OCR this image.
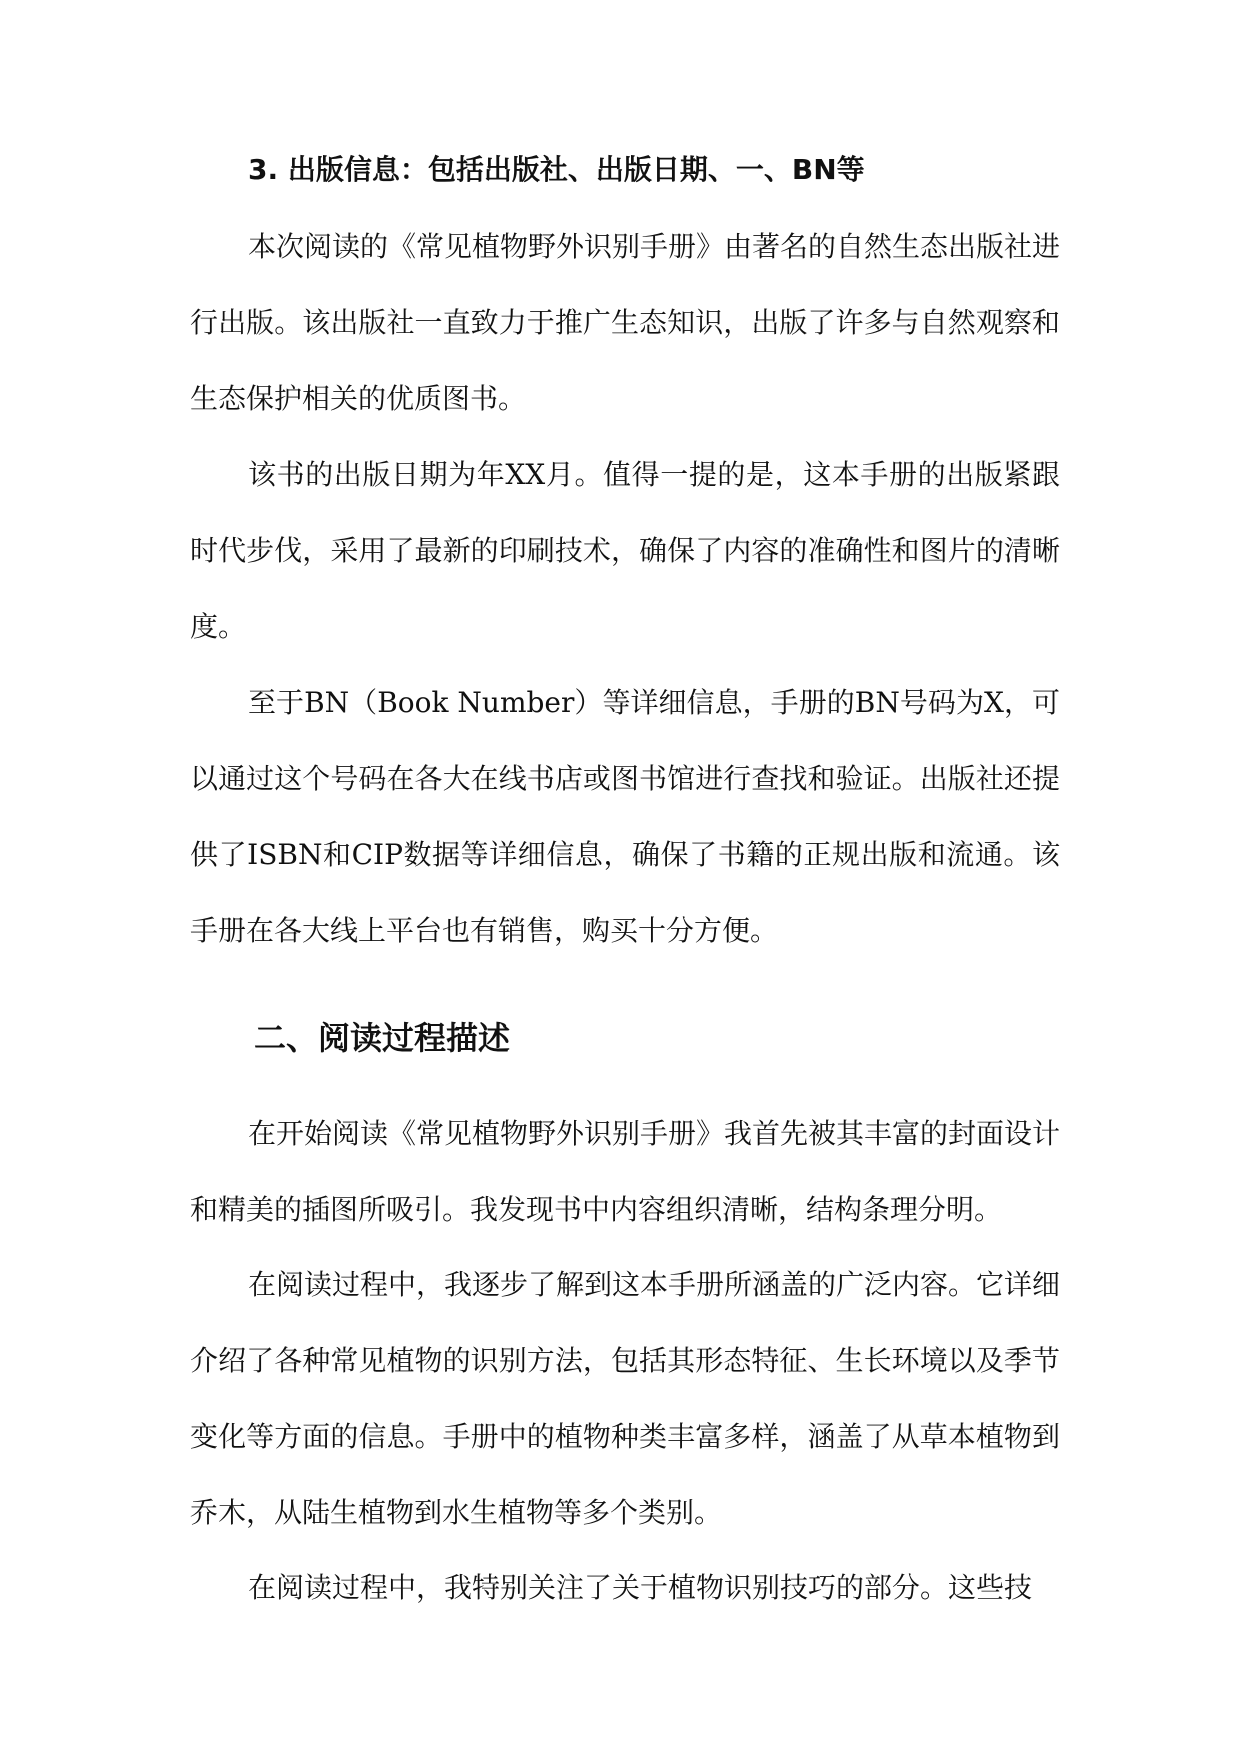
3. 出版信息：包括出版社、出版日期、一、BN等

本次阅读的《常见植物野外识别手册》由著名的自然生态出版社进行出版。该出版社一直致力于推广生态知识，出版了许多与自然观察和生态保护相关的优质图书。

该书的出版日期为年XX月。值得一提的是，这本手册的出版紧跟时代步伐，采用了最新的印刷技术，确保了内容的准确性和图片的清晰度。

至于BN（Book Number）等详细信息，手册的BN号码为X，可以通过这个号码在各大在线书店或图书馆进行查找和验证。出版社还提供了ISBN和CIP数据等详细信息，确保了书籍的正规出版和流通。该手册在各大线上平台也有销售，购买十分方便。

二、阅读过程描述

在开始阅读《常见植物野外识别手册》我首先被其丰富的封面设计和精美的插图所吸引。我发现书中内容组织清晰，结构条理分明。

在阅读过程中，我逐步了解到这本手册所涵盖的广泛内容。它详细介绍了各种常见植物的识别方法，包括其形态特征、生长环境以及季节变化等方面的信息。手册中的植物种类丰富多样，涵盖了从草本植物到乔木，从陆生植物到水生植物等多个类别。

在阅读过程中，我特别关注了关于植物识别技巧的部分。这些技
